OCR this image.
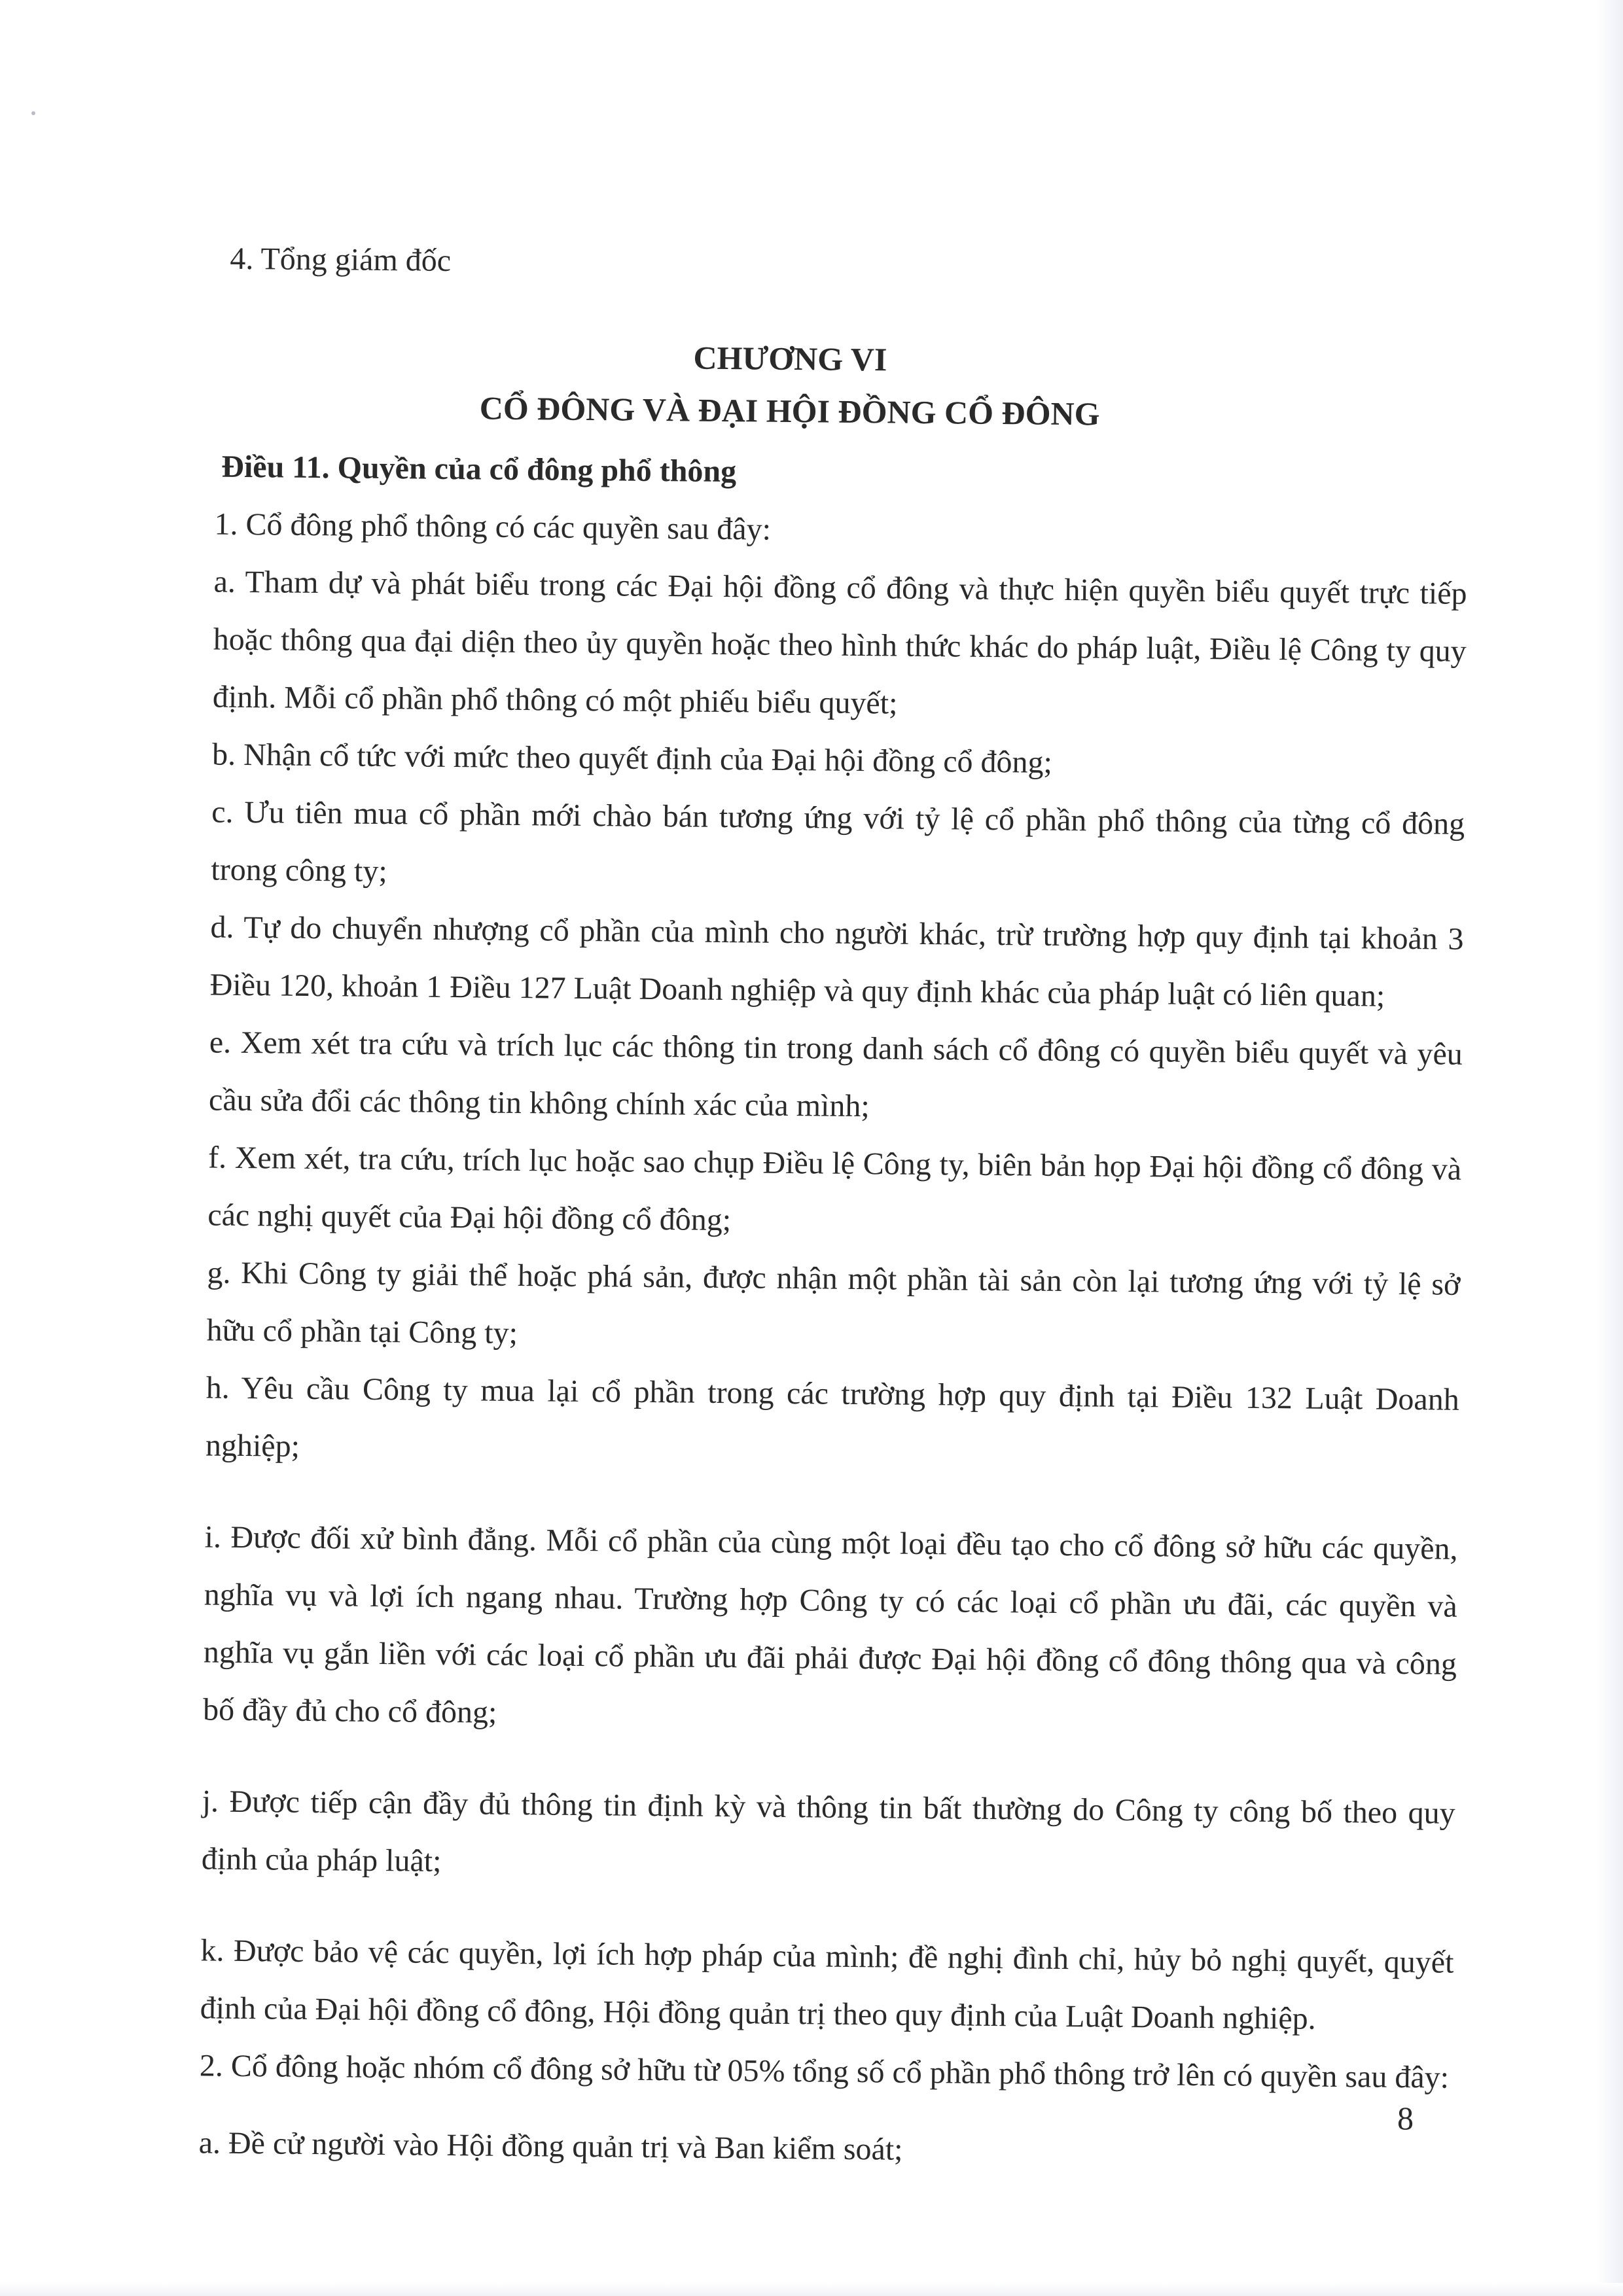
4. Tổng giám đốc
CHƯƠNG VI
CỔ ĐÔNG VÀ ĐẠI HỘI ĐỒNG CỔ ĐÔNG
Điều 11. Quyền của cổ đông phổ thông
1. Cổ đông phổ thông có các quyền sau đây:
a. Tham dự và phát biểu trong các Đại hội đồng cổ đông và thực hiện quyền biểu quyết trực tiếp hoặc thông qua đại diện theo ủy quyền hoặc theo hình thức khác do pháp luật, Điều lệ Công ty quy định. Mỗi cổ phần phổ thông có một phiếu biểu quyết;
b. Nhận cổ tức với mức theo quyết định của Đại hội đồng cổ đông;
c. Ưu tiên mua cổ phần mới chào bán tương ứng với tỷ lệ cổ phần phổ thông của từng cổ đông trong công ty;
d. Tự do chuyển nhượng cổ phần của mình cho người khác, trừ trường hợp quy định tại khoản 3 Điều 120, khoản 1 Điều 127 Luật Doanh nghiệp và quy định khác của pháp luật có liên quan;
e. Xem xét tra cứu và trích lục các thông tin trong danh sách cổ đông có quyền biểu quyết và yêu cầu sửa đổi các thông tin không chính xác của mình;
f. Xem xét, tra cứu, trích lục hoặc sao chụp Điều lệ Công ty, biên bản họp Đại hội đồng cổ đông và các nghị quyết của Đại hội đồng cổ đông;
g. Khi Công ty giải thể hoặc phá sản, được nhận một phần tài sản còn lại tương ứng với tỷ lệ sở hữu cổ phần tại Công ty;
h. Yêu cầu Công ty mua lại cổ phần trong các trường hợp quy định tại Điều 132 Luật Doanh nghiệp;
i. Được đối xử bình đẳng. Mỗi cổ phần của cùng một loại đều tạo cho cổ đông sở hữu các quyền, nghĩa vụ và lợi ích ngang nhau. Trường hợp Công ty có các loại cổ phần ưu đãi, các quyền và nghĩa vụ gắn liền với các loại cổ phần ưu đãi phải được Đại hội đồng cổ đông thông qua và công bố đầy đủ cho cổ đông;
j. Được tiếp cận đầy đủ thông tin định kỳ và thông tin bất thường do Công ty công bố theo quy định của pháp luật;
k. Được bảo vệ các quyền, lợi ích hợp pháp của mình; đề nghị đình chỉ, hủy bỏ nghị quyết, quyết định của Đại hội đồng cổ đông, Hội đồng quản trị theo quy định của Luật Doanh nghiệp.
2. Cổ đông hoặc nhóm cổ đông sở hữu từ 05% tổng số cổ phần phổ thông trở lên có quyền sau đây:
a. Đề cử người vào Hội đồng quản trị và Ban kiểm soát;
8
